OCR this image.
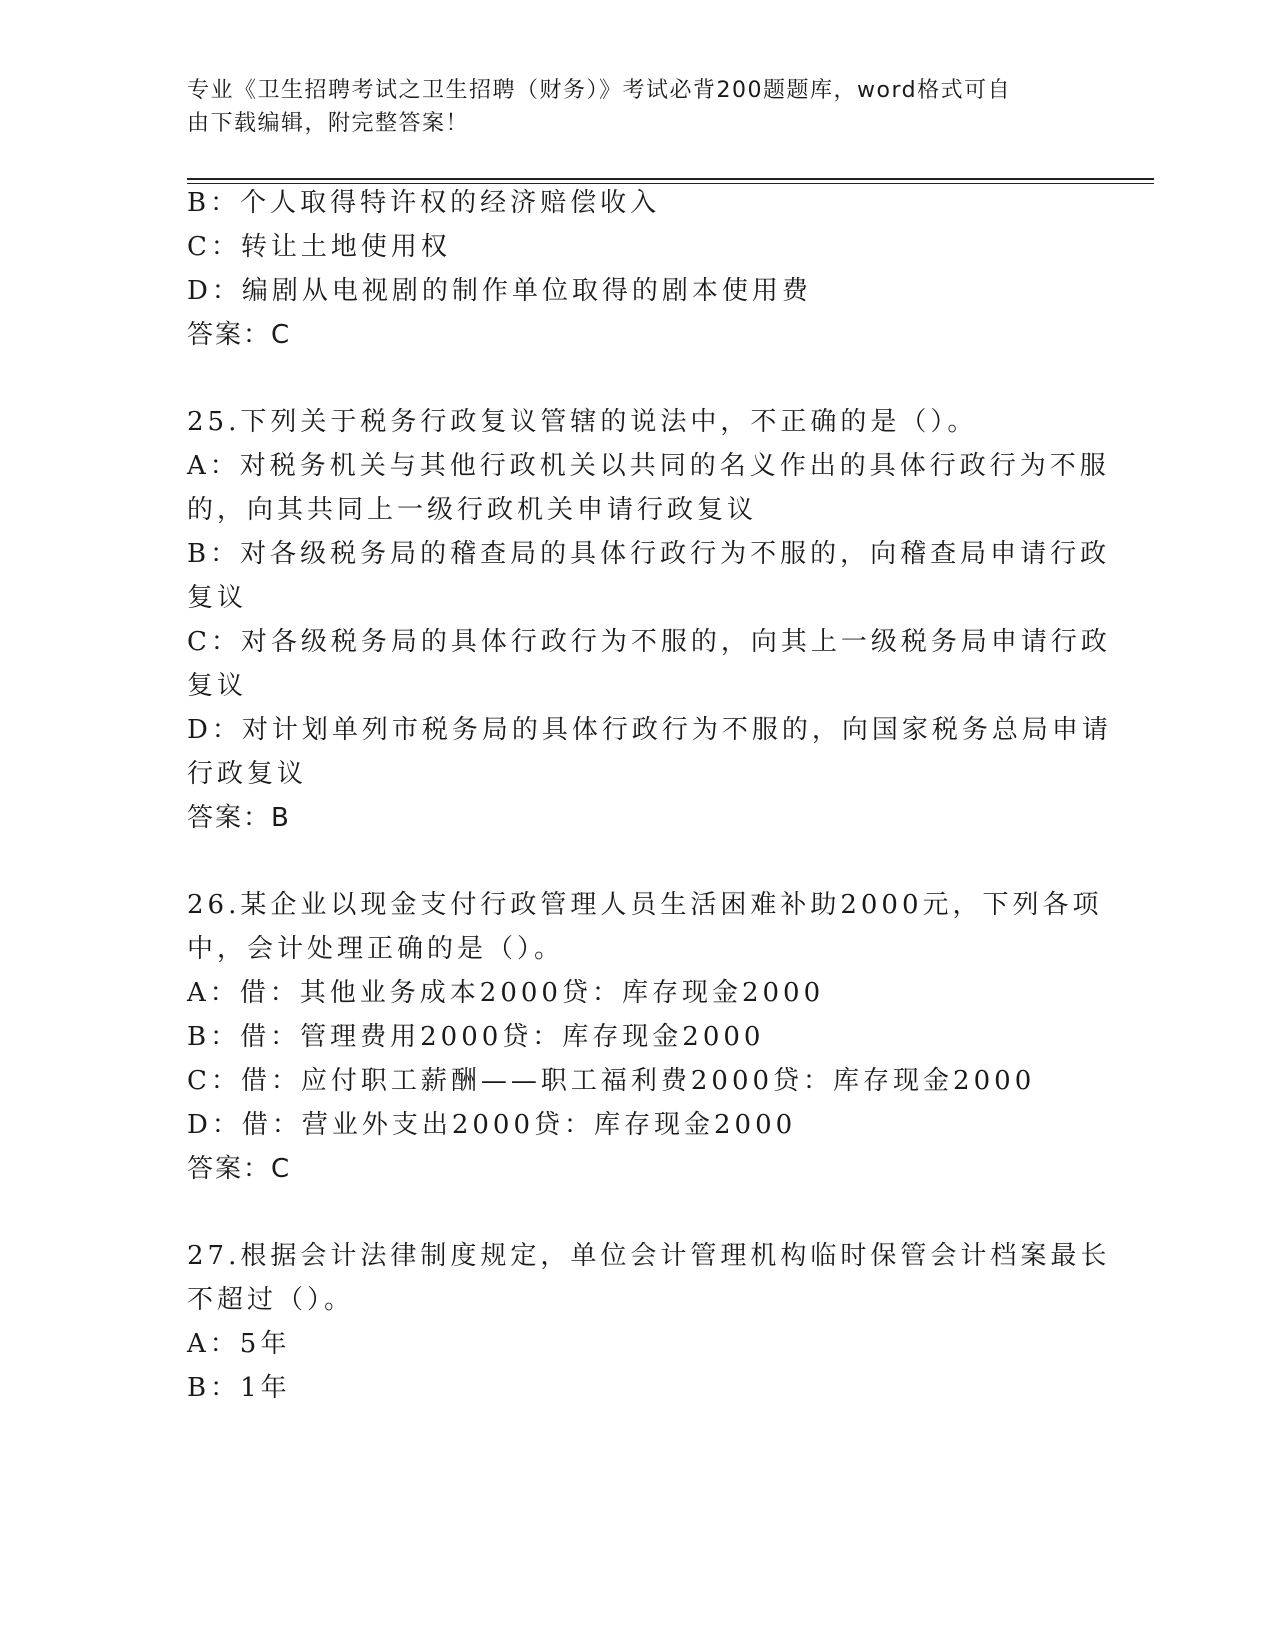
专业《卫生招聘考试之卫生招聘（财务）》考试必背200题题库，word格式可自
由下载编辑，附完整答案！
B：个人取得特许权的经济赔偿收入
C：转让土地使用权
D：编剧从电视剧的制作单位取得的剧本使用费
答案：C
25.下列关于税务行政复议管辖的说法中，不正确的是（）。
A：对税务机关与其他行政机关以共同的名义作出的具体行政行为不服
的，向其共同上一级行政机关申请行政复议
B：对各级税务局的稽查局的具体行政行为不服的，向稽查局申请行政
复议
C：对各级税务局的具体行政行为不服的，向其上一级税务局申请行政
复议
D：对计划单列市税务局的具体行政行为不服的，向国家税务总局申请
行政复议
答案：B
26.某企业以现金支付行政管理人员生活困难补助2000元，下列各项
中，会计处理正确的是（）。
A：借：其他业务成本2000贷：库存现金2000
B：借：管理费用2000贷：库存现金2000
C：借：应付职工薪酬——职工福利费2000贷：库存现金2000
D：借：营业外支出2000贷：库存现金2000
答案：C
27.根据会计法律制度规定，单位会计管理机构临时保管会计档案最长
不超过（）。
A：5年
B：1年
